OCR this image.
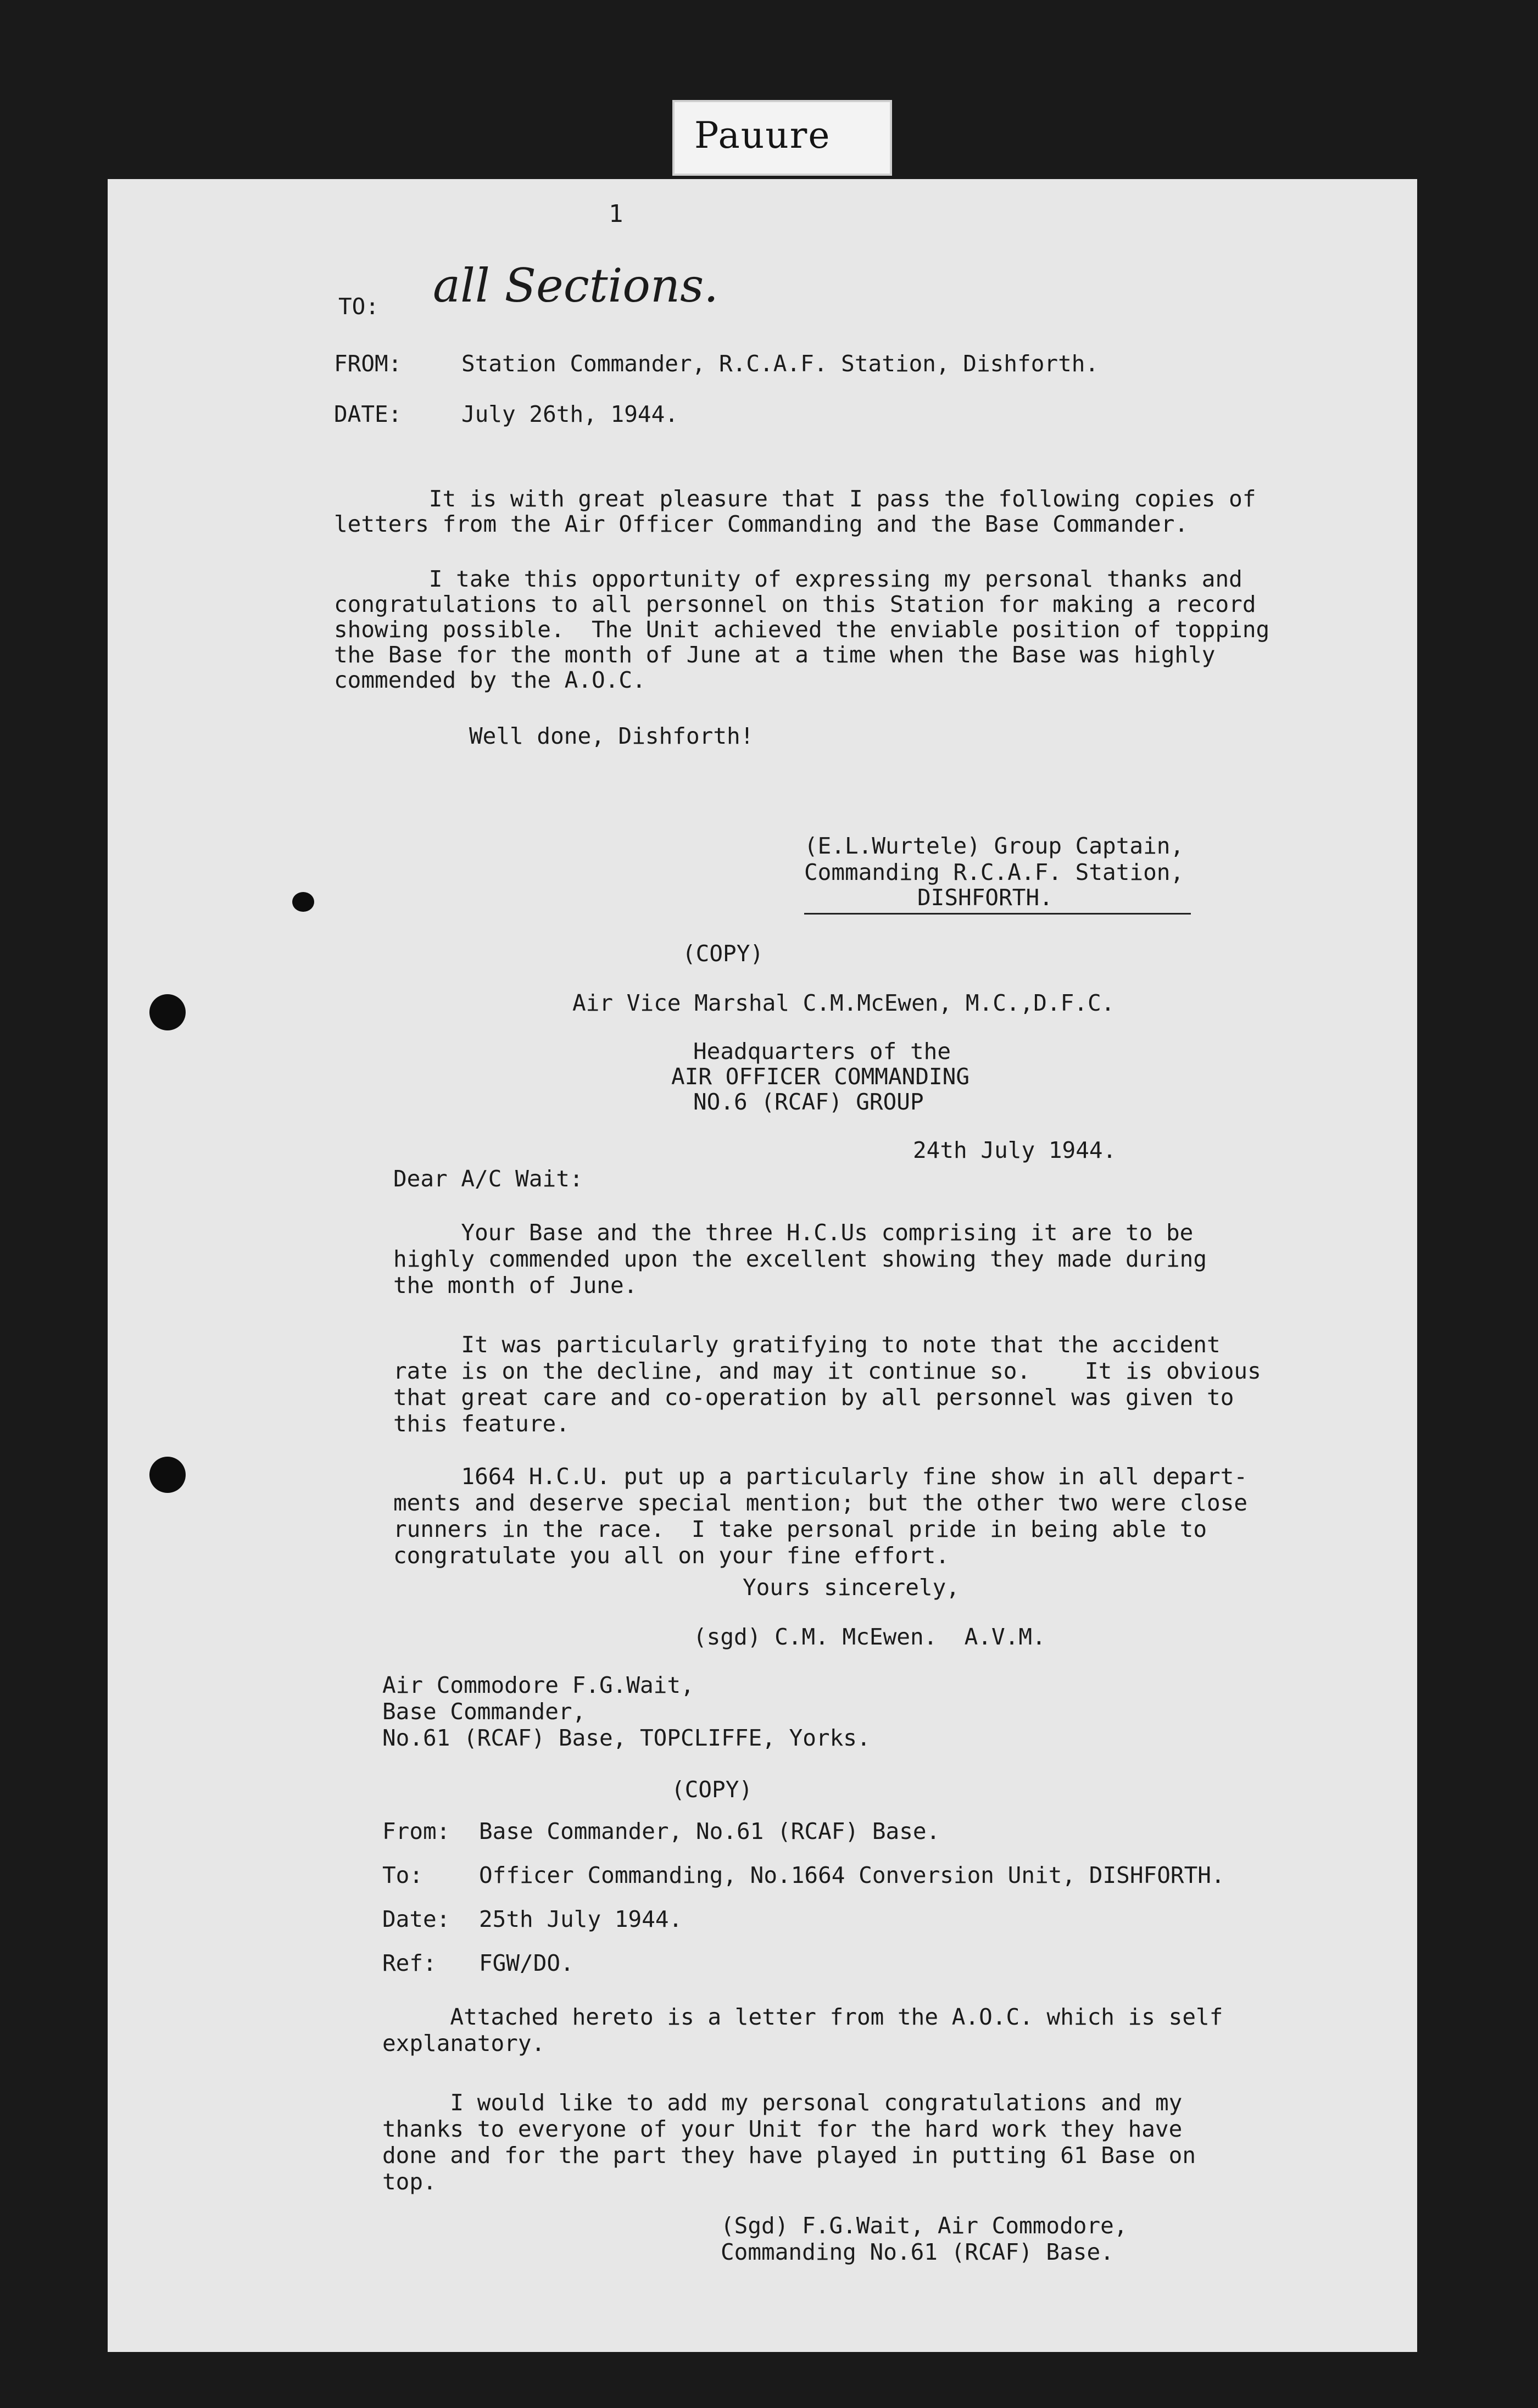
Pauure
1
TO: all Sections.
FROM:	Station Commander, R.C.A.F. Station, Dishforth.
DATE:	July 26th, 1944.
It is with great pleasure that I pass the following copies of
letters from the Air Officer Commanding and the Base Commander.
I take this opportunity of expressing my personal thanks and
congratulations to all personnel on this Station for making a record
showing possible.  The Unit achieved the enviable position of topping
the Base for the month of June at a time when the Base was highly
commended by the A.O.C.
Well done, Dishforth!
(E.L.Wurtele) Group Captain,
Commanding R.C.A.F. Station,
DISHFORTH.
(COPY)
Air Vice Marshal C.M.McEwen, M.C.,D.F.C.
Headquarters of the
AIR OFFICER COMMANDING
NO.6 (RCAF) GROUP
24th July 1944.
Dear A/C Wait:
Your Base and the three H.C.Us comprising it are to be
highly commended upon the excellent showing they made during
the month of June.
It was particularly gratifying to note that the accident
rate is on the decline, and may it continue so.    It is obvious
that great care and co-operation by all personnel was given to
this feature.
1664 H.C.U. put up a particularly fine show in all depart-
ments and deserve special mention; but the other two were close
runners in the race.  I take personal pride in being able to
congratulate you all on your fine effort.
Yours sincerely,
(sgd) C.M. McEwen.  A.V.M.
Air Commodore F.G.Wait,
Base Commander,
No.61 (RCAF) Base, TOPCLIFFE, Yorks.
(COPY)
From: Base Commander, No.61 (RCAF) Base.
To: Officer Commanding, No.1664 Conversion Unit, DISHFORTH.
Date: 25th July 1944.
Ref: FGW/DO.
Attached hereto is a letter from the A.O.C. which is self
explanatory.
I would like to add my personal congratulations and my
thanks to everyone of your Unit for the hard work they have
done and for the part they have played in putting 61 Base on
top.
(Sgd) F.G.Wait, Air Commodore,
Commanding No.61 (RCAF) Base.
